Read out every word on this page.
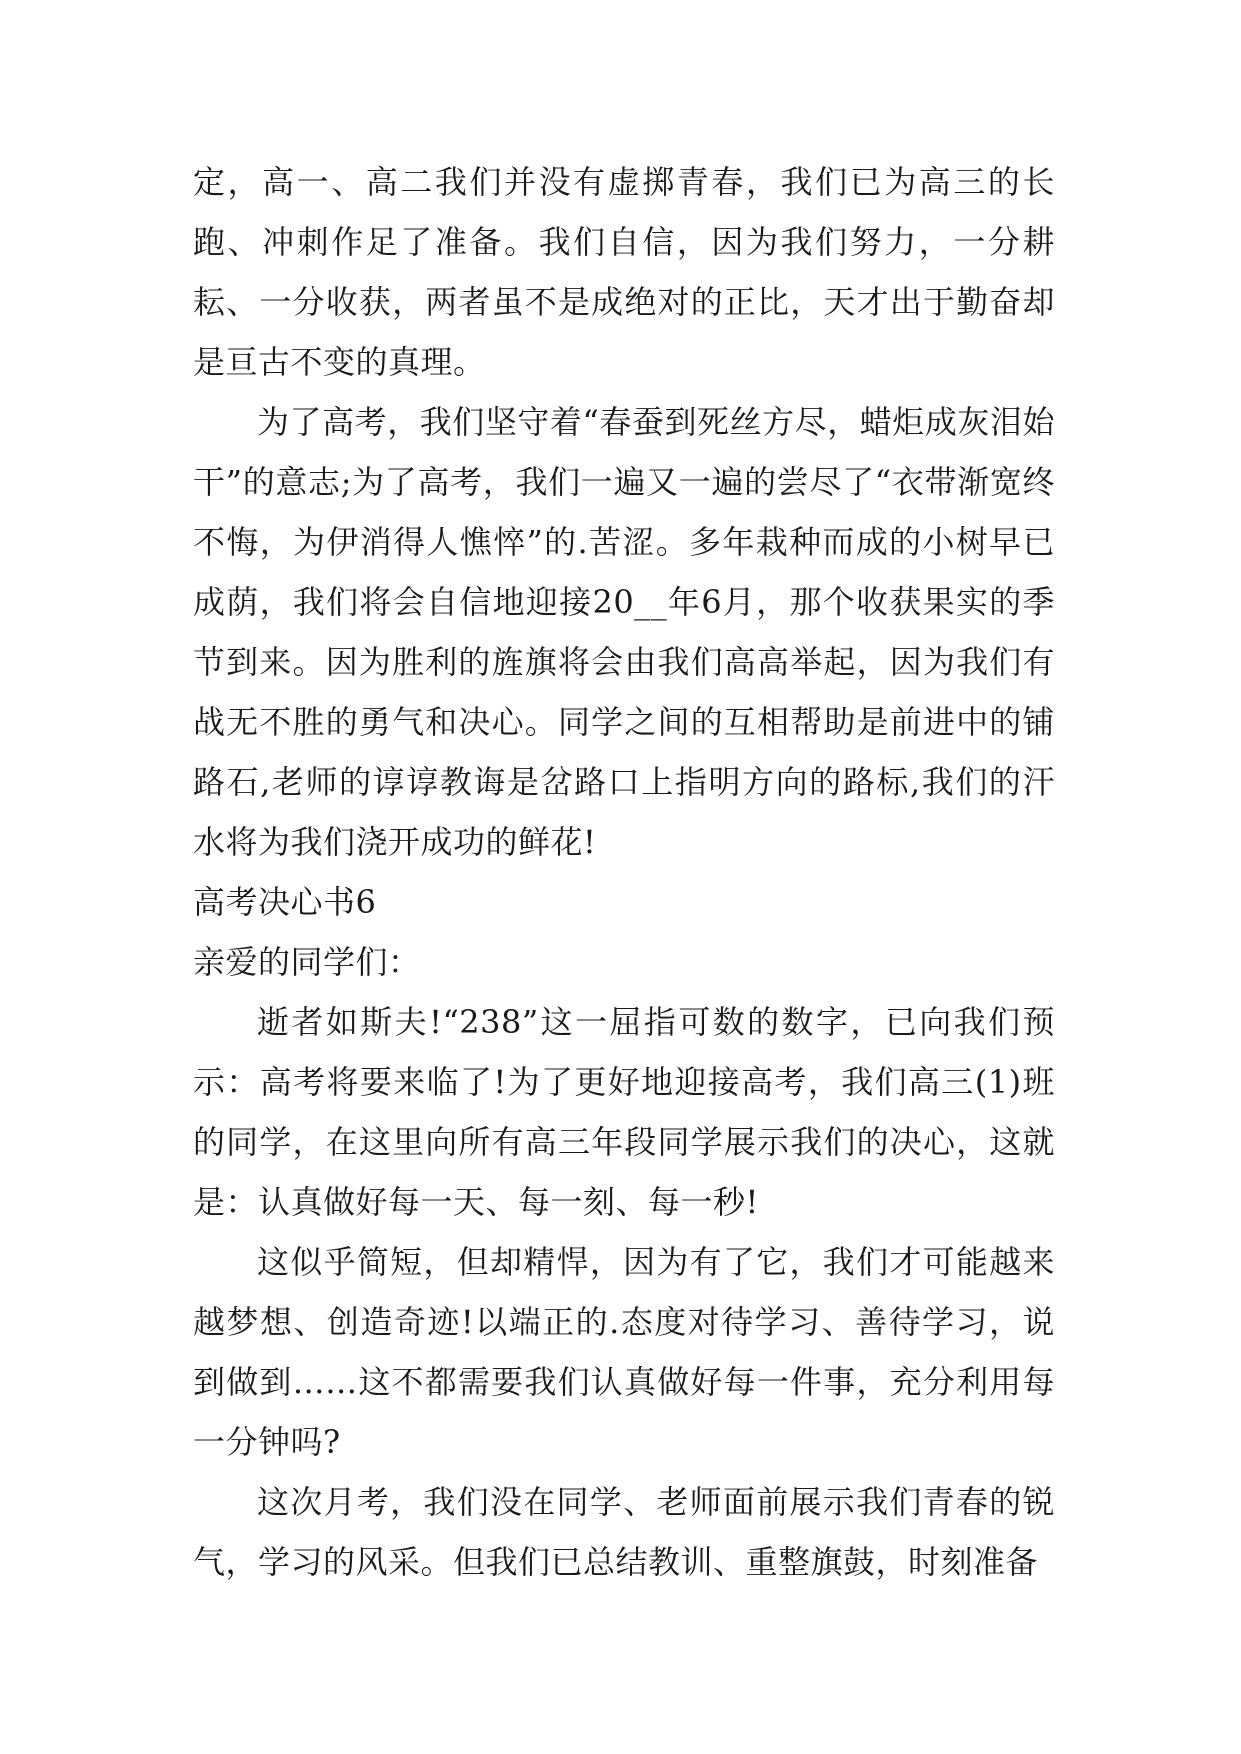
定，高一、高二我们并没有虚掷青春，我们已为高三的长跑、冲刺作足了准备。我们自信，因为我们努力，一分耕耘、一分收获，两者虽不是成绝对的正比，天才出于勤奋却是亘古不变的真理。

为了高考，我们坚守着“春蚕到死丝方尽，蜡炬成灰泪始干”的意志;为了高考，我们一遍又一遍的尝尽了“衣带渐宽终不悔，为伊消得人憔悴”的.苦涩。多年栽种而成的小树早已成荫，我们将会自信地迎接20__年6月，那个收获果实的季节到来。因为胜利的旌旗将会由我们高高举起，因为我们有战无不胜的勇气和决心。同学之间的互相帮助是前进中的铺路石,老师的谆谆教诲是岔路口上指明方向的路标,我们的汗水将为我们浇开成功的鲜花!

高考决心书6

亲爱的同学们：

逝者如斯夫!“238”这一屈指可数的数字，已向我们预示：高考将要来临了!为了更好地迎接高考，我们高三(1)班的同学，在这里向所有高三年段同学展示我们的决心，这就是：认真做好每一天、每一刻、每一秒!

这似乎简短，但却精悍，因为有了它，我们才可能越来越梦想、创造奇迹!以端正的.态度对待学习、善待学习，说到做到……这不都需要我们认真做好每一件事，充分利用每一分钟吗?

这次月考，我们没在同学、老师面前展示我们青春的锐气，学习的风采。但我们已总结教训、重整旗鼓，时刻准备
